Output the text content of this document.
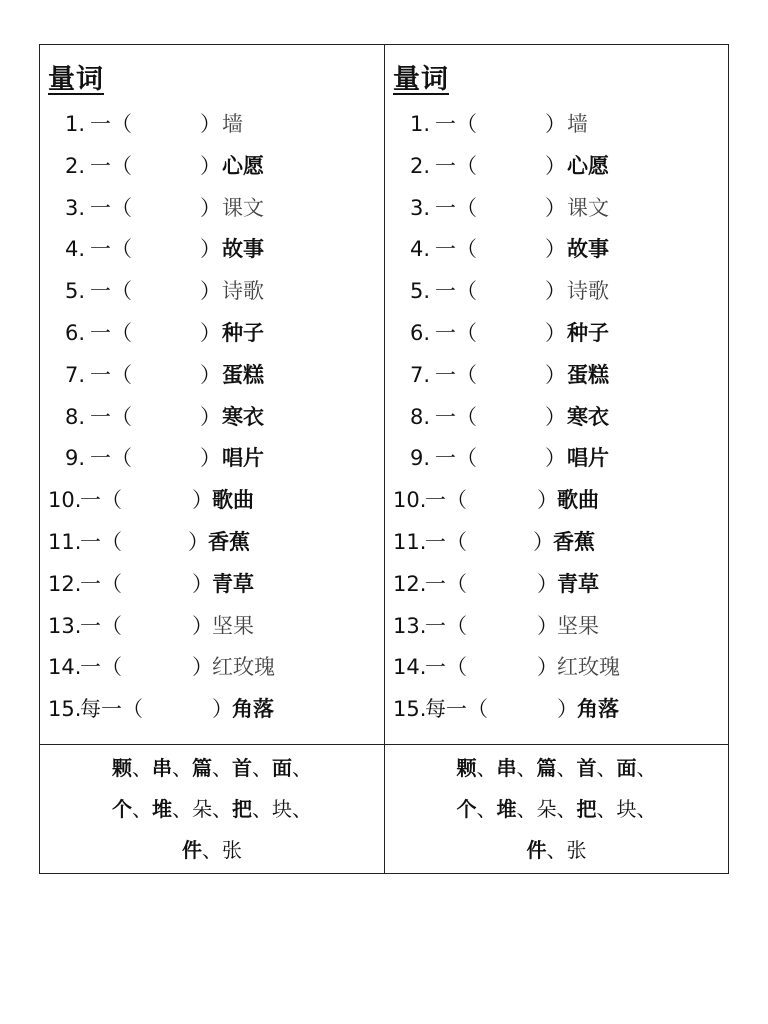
量词
1. 一（	） 墙
2. 一（	） 心愿
3. 一（	） 课文
4. 一（	） 故事
5. 一（	） 诗歌
6. 一（	） 种子
7. 一（	） 蛋糕
8. 一（	） 寒衣
9. 一（	） 唱片
10.
一（	） 歌曲
11.
一（	） 香蕉
12.
一（	） 青草
13.
一（	） 坚果
14.
一（	） 红玫瑰
15.
每一（	） 角落
颗、串、篇、首、面、
个、堆、朵、把、块、
件、张
量词
1. 一（	） 墙
2. 一（	） 心愿
3. 一（	） 课文
4. 一（	） 故事
5. 一（	） 诗歌
6. 一（	） 种子
7. 一（	） 蛋糕
8. 一（	） 寒衣
9. 一（	） 唱片
10.
一（	） 歌曲
11.
一（	） 香蕉
12.
一（	） 青草
13.
一（	） 坚果
14.
一（	） 红玫瑰
15.
每一（	） 角落
颗、串、篇、首、面、
个、堆、朵、把、块、
件、张
